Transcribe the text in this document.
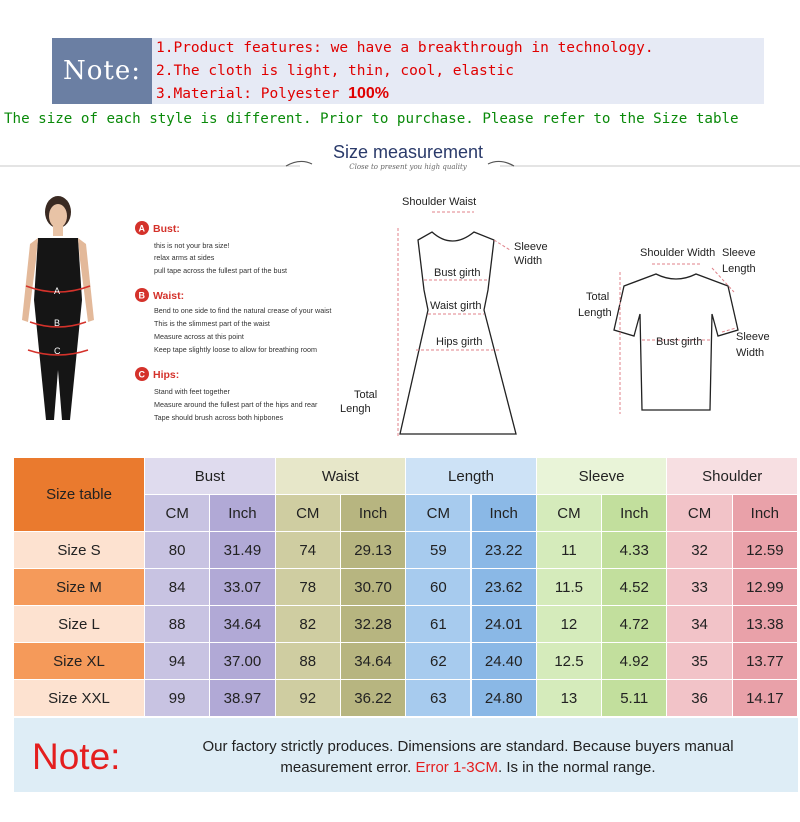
Note:
1.Product features: we have a breakthrough in technology.
2.The cloth is light, thin, cool, elastic
3.Material: Polyester 100%
The size of each style is different. Prior to purchase. Please refer to the Size table
Size measurement
Close to present you high quality
A
B
C
A Bust:
this is not your bra size!
relax arms at sides
pull tape across the fullest part of the bust
B Waist:
Bend to one side to find the natural crease of your waist
This is the slimmest part of the waist
Measure across at this point
Keep tape slightly loose to allow for breathing room
C Hips:
Stand with feet together
Measure around the fullest part of the hips and rear
Tape should brush across both hipbones
Shoulder Waist
Sleeve
Width
Bust girth
Waist girth
Hips girth
Total
Lengh
Shoulder Width Sleeve
Length
Total
Length
Bust girth	Sleeve
Width
Size table
Bust
CM	Inch
Waist
CM	Inch
Length
CM	Inch
Sleeve
CM	Inch
Shoulder
CM	Inch
Size S	80	31.49	74	29.13	59	23.22	11	4.33	32	12.59
Size M	84	33.07	78	30.70	60	23.62	11.5	4.52	33	12.99
Size L	88	34.64	82	32.28	61	24.01	12	4.72	34	13.38
Size XL	94	37.00	88	34.64	62	24.40	12.5	4.92	35	13.77
Size XXL	99	38.97	92	36.22	63	24.80	13	5.11	36	14.17
Note:	Our factory strictly produces. Dimensions are standard. Because buyers manual
measurement error. Error 1-3CM. Is in the normal range.
